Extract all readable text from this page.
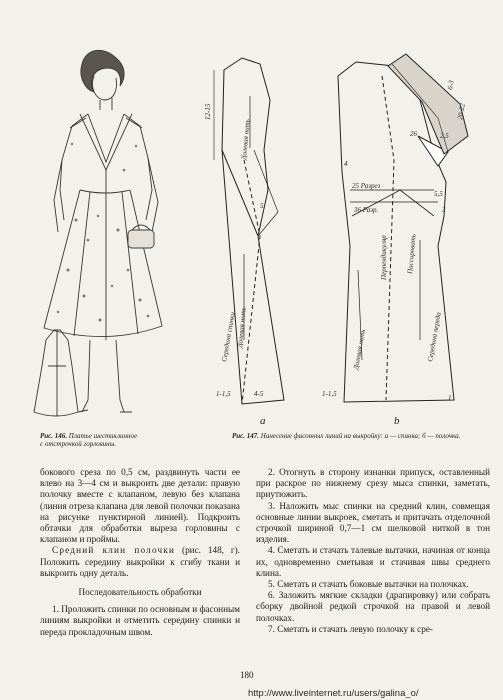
Долевая нить
Долевая нить
Середина спинки	Долевая нить
Перпендикуляр	Пассировать
Середина переда
25 Разрез
36 Разр.
12-15
5
4-5
1-1,5	1-1,5
26
5,5
3
20-22
6-3
4
2,5
1
a	b
Рис. 146. Платье шестиклинное с отстрочкой горловины.
Рис. 147. Нанесение фасонных линий на выкройку: а — спинка; б — полочка.

бокового среза по 0,5 см, раздвинуть части ее влево на 3—4 см и выкроить две детали: правую полочку вместе с клапаном, левую без клапана (линия отреза клапана для левой полочки показана на рисунке пунктирной линией). Подкроить обтачки для обработки выреза горловины с клапаном и проймы.

Средний клин полочки (рис. 148, г). Положить середину выкройки к сгибу ткани и выкроить одну деталь.

Последовательность обработки

1. Проложить спинки по основным и фасонным линиям выкройки и отметить середину спинки и переда прокладочным швом.

2. Отогнуть в сторону изнанки припуск, оставленный при раскрое по нижнему срезу мыса спинки, заметать, приутюжить.

3. Наложить мыс спинки на средний клин, совмещая основные линии выкроек, сметать и притачать отделочной строчкой шириной 0,7—1 см шелковой ниткой в тон изделия.

4. Сметать и стачать талевые вытачки, начиная от конца их, одновременно сметывая и стачивая швы среднего клина.

5. Сметать и стачать боковые вытачки на полочках.

6. Заложить мягкие складки (драпировку) или собрать сборку двойной редкой строчкой на правой и левой полочках.

7. Сметать и стачать левую полочку к сре-

180
http://www.liveinternet.ru/users/galina_o/
